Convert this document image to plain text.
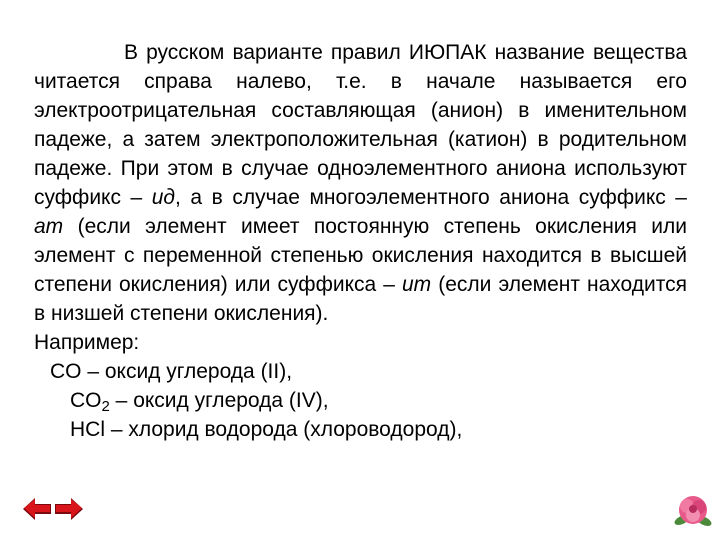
В русском варианте правил ИЮПАК название вещества читается справа налево, т.е. в начале называется его электроотрицательная составляющая (анион) в именительном падеже, а затем электроположительная (катион) в родительном падеже. При этом в случае одноэлементного аниона используют суффикс – ид, а в случае многоэлементного аниона суффикс – ат (если элемент имеет постоянную степень окисления или элемент с переменной степенью окисления находится в высшей степени окисления) или суффикса – ит (если элемент находится в низшей степени окисления).

Например:

CO – оксид углерода (II),

$CO_2$ – оксид углерода (IV),

HCl – хлорид водорода (хлороводород),
